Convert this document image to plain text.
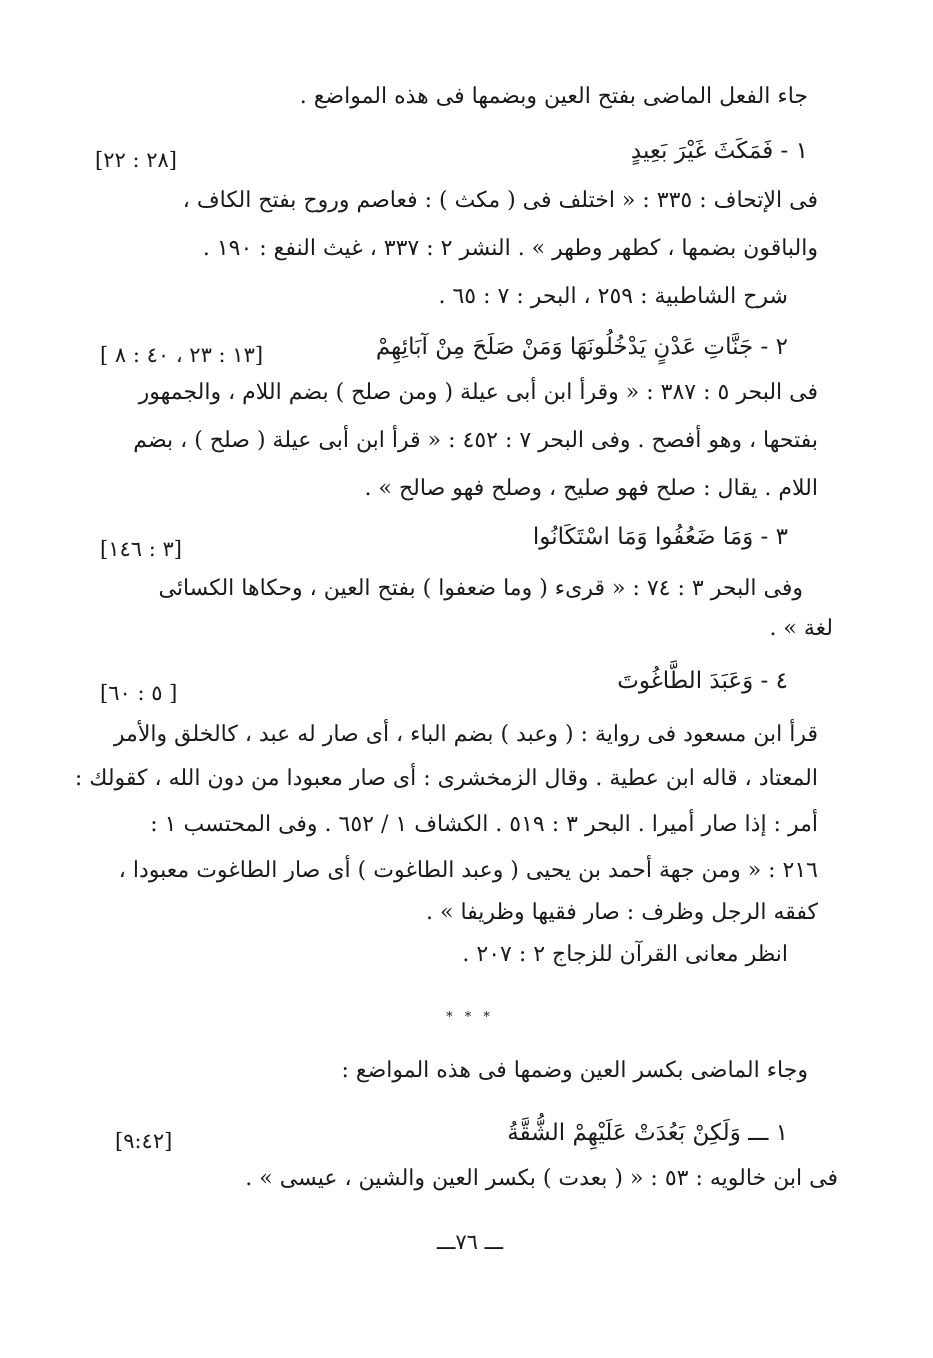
جاء الفعل الماضى بفتح العين وبضمها فى هذه المواضع .
١ - فَمَكَثَ غَيْرَ بَعِيدٍ
[٢٨ : ٢٢]
فى الإتحاف : ٣٣٥ : « اختلف فى ( مكث ) : فعاصم وروح بفتح الكاف ،
والباقون بضمها ، كطهر وطهر » . النشر ٢ : ٣٣٧ ، غيث النفع : ١٩٠ .
شرح الشاطبية : ٢٥٩ ، البحر : ٧ : ٦٥ .
٢ - جَنَّاتِ عَدْنٍ يَدْخُلُونَهَا وَمَنْ صَلَحَ مِنْ آبَائِهِمْ
[١٣ : ٢٣ ، ٤٠ : ٨ ]
فى البحر ٥ : ٣٨٧ : « وقرأ ابن أبى عيلة ( ومن صلح ) بضم اللام ، والجمهور
بفتحها ، وهو أفصح . وفى البحر ٧ : ٤٥٢ : « قرأ ابن أبى عيلة ( صلح ) ، بضم
اللام . يقال : صلح فهو صليح ، وصلح فهو صالح » .
٣ - وَمَا ضَعُفُوا وَمَا اسْتَكَانُوا
[٣ : ١٤٦]
وفى البحر ٣ : ٧٤ : « قرىء ( وما ضعفوا ) بفتح العين ، وحكاها الكسائى
لغة » .
٤ - وَعَبَدَ الطَّاغُوتَ
[ ٥ : ٦٠]
قرأ ابن مسعود فى رواية : ( وعبد ) بضم الباء ، أى صار له عبد ، كالخلق والأمر
المعتاد ، قاله ابن عطية . وقال الزمخشرى : أى صار معبودا من دون الله ، كقولك :
أمر : إذا صار أميرا . البحر ٣ : ٥١٩ . الكشاف ١ / ٦٥٢ . وفى المحتسب ١ :
٢١٦ : « ومن جهة أحمد بن يحيى ( وعبد الطاغوت ) أى صار الطاغوت معبودا ،
كفقه الرجل وظرف : صار فقيها وظريفا » .
انظر معانى القرآن للزجاج ٢ : ٢٠٧ .
* * *
وجاء الماضى بكسر العين وضمها فى هذه المواضع :
١ ـــ وَلَكِنْ بَعُدَتْ عَلَيْهِمْ الشُّقَّةُ
[٩:٤٢]
فى ابن خالويه : ٥٣ : « ( بعدت ) بكسر العين والشين ، عيسى » .
ـــ ٧٦ـــ
